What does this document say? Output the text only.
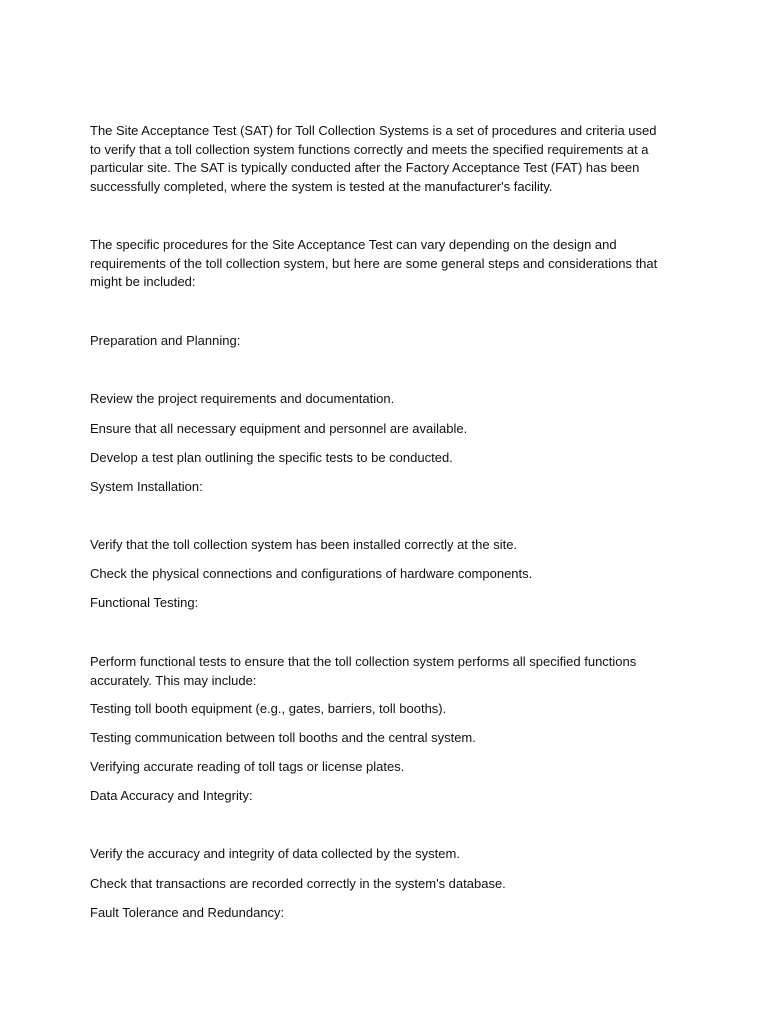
The Site Acceptance Test (SAT) for Toll Collection Systems is a set of procedures and criteria used to verify that a toll collection system functions correctly and meets the specified requirements at a particular site. The SAT is typically conducted after the Factory Acceptance Test (FAT) has been successfully completed, where the system is tested at the manufacturer's facility.

The specific procedures for the Site Acceptance Test can vary depending on the design and requirements of the toll collection system, but here are some general steps and considerations that might be included:

Preparation and Planning:

Review the project requirements and documentation.

Ensure that all necessary equipment and personnel are available.

Develop a test plan outlining the specific tests to be conducted.

System Installation:

Verify that the toll collection system has been installed correctly at the site.

Check the physical connections and configurations of hardware components.

Functional Testing:

Perform functional tests to ensure that the toll collection system performs all specified functions accurately. This may include:

Testing toll booth equipment (e.g., gates, barriers, toll booths).

Testing communication between toll booths and the central system.

Verifying accurate reading of toll tags or license plates.

Data Accuracy and Integrity:

Verify the accuracy and integrity of data collected by the system.

Check that transactions are recorded correctly in the system's database.

Fault Tolerance and Redundancy:
